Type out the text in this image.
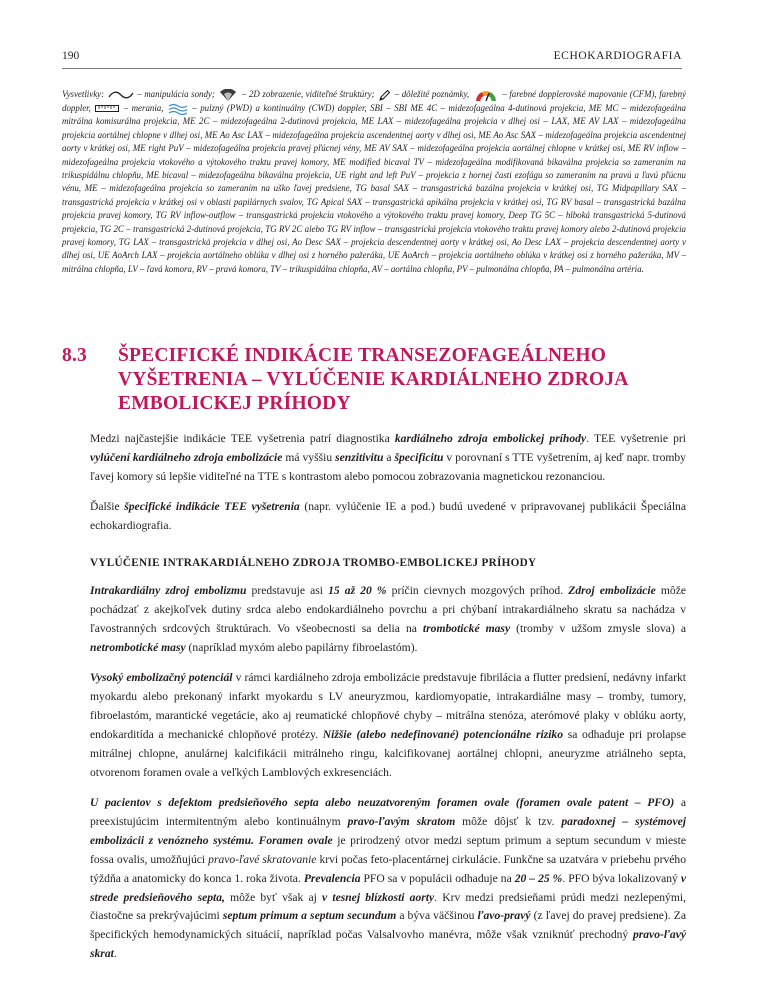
190	ECHOKARDIOGRAFIA
Vysvetlivky:	– manipulácia sondy;	– 2D zobrazenie, viditeľné štruktúry; – dôležité poznámky,	– farebné dopplerovské mapovanie (CFM), farebný doppler,	– merania,	– pulzný (PWD) a kontinuálny (CWD) doppler, SBI – SBI ME 4C – midezofageálna 4-dutinová projekcia, ME MC – midezofageálna mitrálna komisurálna projekcia, ME 2C – midezofageálna 2-dutinová projekcia, ME LAX – midezofageálna projekcia v dlhej osi – LAX, ME AV LAX – midezofageálna projekcia aortálnej chlopne v dlhej osi, ME Ao Asc LAX – midezofageálna projekcia ascendentnej aorty v dlhej osi, ME Ao Asc SAX – midezofageálna projekcia ascendentnej aorty v krátkej osi, ME right PuV – midezofageálna projekcia pravej pľúcnej vény, ME AV SAX – midezofageálna projekcia aortálnej chlopne v krátkej osi, ME RV inflow – midezofageálna projekcia vtokového a výtokového traktu pravej komory, ME modified bicaval TV – midezofageálna modifikovaná bikaválna projekcia so zameraním na trikuspidálnu chlopňu, ME bicaval – midezofageálna bikaválna projekcia, UE right and left PuV – projekcia z hornej časti ezofágu so zameraním na pravú a ľavú pľúcnu vénu, ME – midezofageálna projekcia so zameraním na uško ľavej predsiene, TG basal SAX – transgastrická bazálna projekcia v krátkej osi, TG Midpapillary SAX – transgastrická projekcia v krátkej osi v oblasti papilárnych svalov, TG Apical SAX – transgastrická apikálna projekcia v krátkej osi, TG RV basal – transgastrická bazálna projekcia pravej komory, TG RV inflow-outflow – transgastrická projekcia vtokového a výtokového traktu pravej komory, Deep TG 5C – hlboká transgastrická 5-dutinová projekcia, TG 2C – transgastrická 2-dutinová projekcia, TG RV 2C alebo TG RV inflow – transgastrická projekcia vtokového traktu pravej komory alebo 2-dutinová projekcia pravej komory, TG LAX – transgastrická projekcia v dlhej osi, Ao Desc SAX – projekcia descendentnej aorty v krátkej osi, Ao Desc LAX – projekcia descendentnej aorty v dlhej osi, UE AoArch LAX – projekcia aortálneho oblúka v dlhej osi z horného pažeráka, UE AoArch – projekcia aortálneho oblúka v krátkej osi z horného pažeráka, MV – mitrálna chlopňa, LV – ľavá komora, RV – pravá komora, TV – trikuspidálna chlopňa, AV – aortálna chlopňa, PV – pulmonálna chlopňa, PA – pulmonálna artéria.
8.3 ŠPECIFICKÉ INDIKÁCIE TRANSEZOFAGEÁLNEHO VYŠETRENIA – VYLÚČENIE KARDIÁLNEHO ZDROJA EMBOLICKEJ PRÍHODY
Medzi najčastejšie indikácie TEE vyšetrenia patrí diagnostika kardiálneho zdroja embolickej príhody. TEE vyšetrenie pri vylúčení kardiálneho zdroja embolizácie má vyššiu senzitivitu a špecificitu v porovnaní s TTE vyšetrením, aj keď napr. tromby ľavej komory sú lepšie viditeľné na TTE s kontrastom alebo pomocou zobrazovania magnetickou rezonanciou.
Ďalšie špecifické indikácie TEE vyšetrenia (napr. vylúčenie IE a pod.) budú uvedené v pripravovanej publikácii Špeciálna echokardiografia.
VYLÚČENIE INTRAKARDIÁLNEHO ZDROJA TROMBO-EMBOLICKEJ PRÍHODY
Intrakardiálny zdroj embolizmu predstavuje asi 15 až 20 % príčin cievnych mozgových príhod. Zdroj embolizácie môže pochádzať z akejkoľvek dutiny srdca alebo endokardiálneho povrchu a pri chýbaní intrakardiálneho skratu sa nachádza v ľavostranných srdcových štruktúrach. Vo všeobecnosti sa delia na trombotické masy (tromby v užšom zmysle slova) a netrombotické masy (napríklad myxóm alebo papilárny fibroelastóm).
Vysoký embolizačný potenciál v rámci kardiálneho zdroja embolizácie predstavuje fibrilácia a flutter predsiení, nedávny infarkt myokardu alebo prekonaný infarkt myokardu s LV aneuryzmou, kardiomyopatie, intrakardiálne masy – tromby, tumory, fibroelastóm, marantické vegetácie, ako aj reumatické chlopňové chyby – mitrálna stenóza, aterómové plaky v oblúku aorty, endokarditída a mechanické chlopňové protézy. Nižšie (alebo nedefinované) potencionálne riziko sa odhaduje pri prolapse mitrálnej chlopne, anulárnej kalcifikácii mitrálneho ringu, kalcifikovanej aortálnej chlopni, aneuryzme atriálneho septa, otvorenom foramen ovale a veľkých Lamblových exkresenciách.
U pacientov s defektom predsieňového septa alebo neuzatvoreným foramen ovale (foramen ovale patent – PFO) a preexistujúcim intermitentným alebo kontinuálnym pravo-ľavým skratom môže dôjsť k tzv. paradoxnej – systémovej embolizácii z venózneho systému. Foramen ovale je prirodzený otvor medzi septum primum a septum secundum v mieste fossa ovalis, umožňujúci pravo-ľavé skratovanie krvi počas feto-placentárnej cirkulácie. Funkčne sa uzatvára v priebehu prvého týždňa a anatomicky do konca 1. roka života. Prevalencia PFO sa v populácii odhaduje na 20 – 25 %. PFO býva lokalizovaný v strede predsieňového septa, môže byť však aj v tesnej blízkosti aorty. Krv medzi predsieňami prúdi medzi nezlepenými, čiastočne sa prekrývajúcimi septum primum a septum secundum a býva väčšinou ľavo-pravý (z ľavej do pravej predsiene). Za špecifických hemodynamických situácií, napríklad počas Valsalvovho manévra, môže však vzniknúť prechodný pravo-ľavý skrat.
